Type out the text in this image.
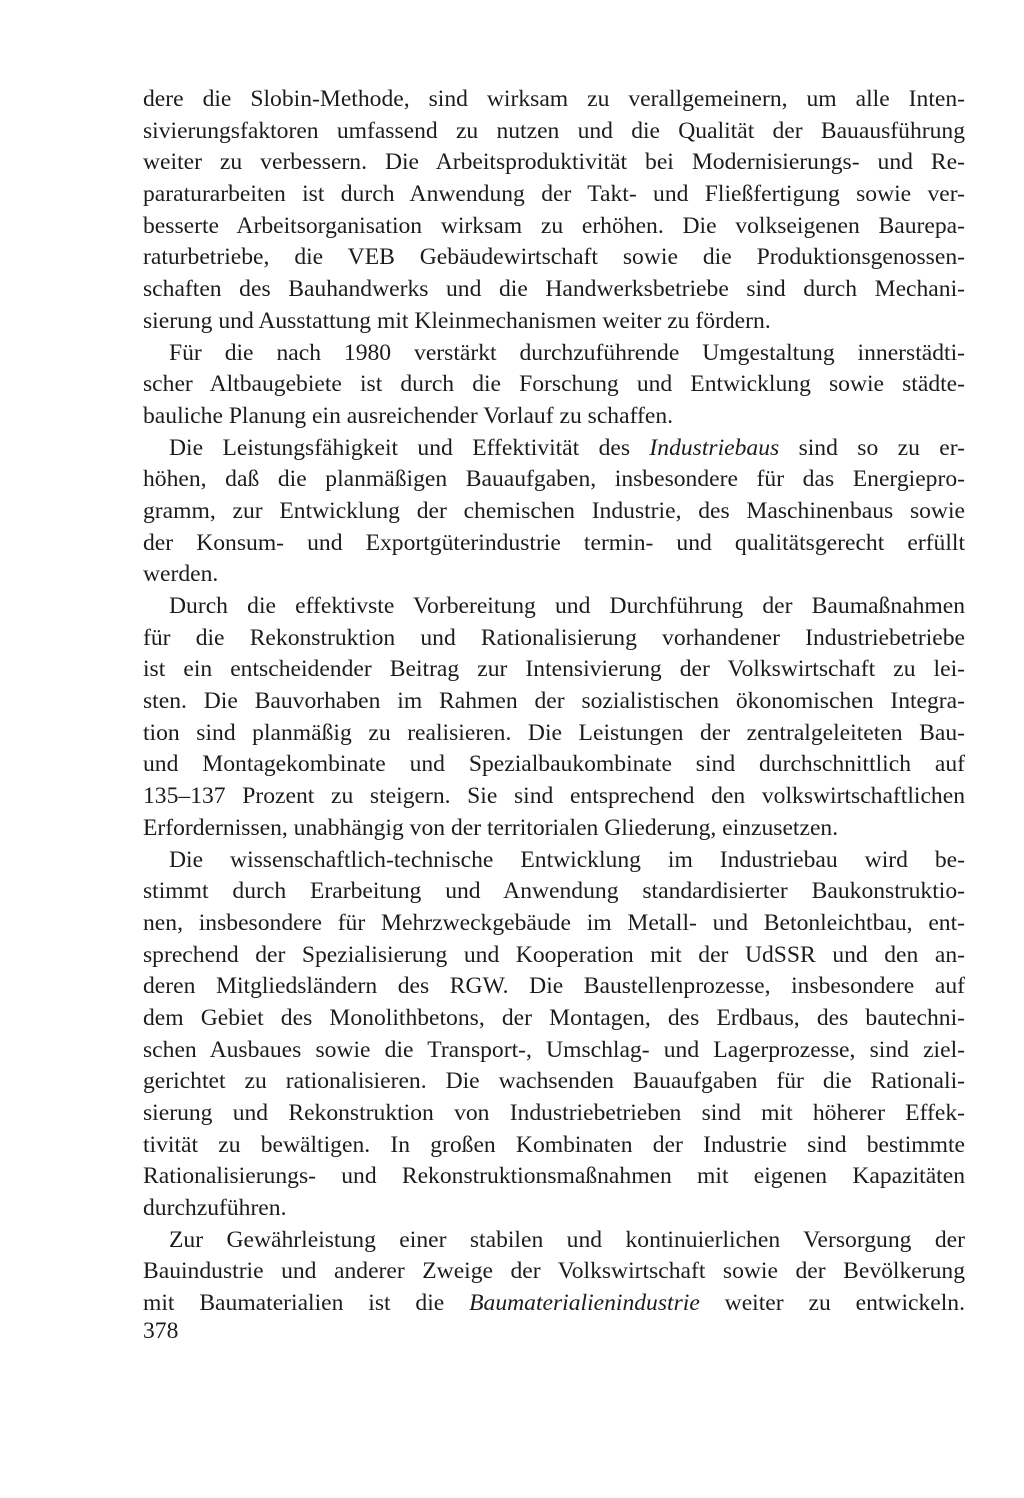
dere die Slobin-Methode, sind wirksam zu verallgemeinern, um alle Inten-
sivierungsfaktoren umfassend zu nutzen und die Qualität der Bauausführung
weiter zu verbessern. Die Arbeitsproduktivität bei Modernisierungs- und Re-
paraturarbeiten ist durch Anwendung der Takt- und Fließfertigung sowie ver-
besserte Arbeitsorganisation wirksam zu erhöhen. Die volkseigenen Baurepa-
raturbetriebe, die VEB Gebäudewirtschaft sowie die Produktionsgenossen-
schaften des Bauhandwerks und die Handwerksbetriebe sind durch Mechani-
sierung und Ausstattung mit Kleinmechanismen weiter zu fördern.
Für die nach 1980 verstärkt durchzuführende Umgestaltung innerstädti-
scher Altbaugebiete ist durch die Forschung und Entwicklung sowie städte-
bauliche Planung ein ausreichender Vorlauf zu schaffen.
Die Leistungsfähigkeit und Effektivität des Industriebaus sind so zu er-
höhen, daß die planmäßigen Bauaufgaben, insbesondere für das Energiepro-
gramm, zur Entwicklung der chemischen Industrie, des Maschinenbaus sowie
der Konsum- und Exportgüterindustrie termin- und qualitätsgerecht erfüllt
werden.
Durch die effektivste Vorbereitung und Durchführung der Baumaßnahmen
für die Rekonstruktion und Rationalisierung vorhandener Industriebetriebe
ist ein entscheidender Beitrag zur Intensivierung der Volkswirtschaft zu lei-
sten. Die Bauvorhaben im Rahmen der sozialistischen ökonomischen Integra-
tion sind planmäßig zu realisieren. Die Leistungen der zentralgeleiteten Bau-
und Montagekombinate und Spezialbaukombinate sind durchschnittlich auf
135–137 Prozent zu steigern. Sie sind entsprechend den volkswirtschaftlichen
Erfordernissen, unabhängig von der territorialen Gliederung, einzusetzen.
Die wissenschaftlich-technische Entwicklung im Industriebau wird be-
stimmt durch Erarbeitung und Anwendung standardisierter Baukonstruktio-
nen, insbesondere für Mehrzweckgebäude im Metall- und Betonleichtbau, ent-
sprechend der Spezialisierung und Kooperation mit der UdSSR und den an-
deren Mitgliedsländern des RGW. Die Baustellenprozesse, insbesondere auf
dem Gebiet des Monolithbetons, der Montagen, des Erdbaus, des bautechni-
schen Ausbaues sowie die Transport-, Umschlag- und Lagerprozesse, sind ziel-
gerichtet zu rationalisieren. Die wachsenden Bauaufgaben für die Rationali-
sierung und Rekonstruktion von Industriebetrieben sind mit höherer Effek-
tivität zu bewältigen. In großen Kombinaten der Industrie sind bestimmte
Rationalisierungs- und Rekonstruktionsmaßnahmen mit eigenen Kapazitäten
durchzuführen.
Zur Gewährleistung einer stabilen und kontinuierlichen Versorgung der
Bauindustrie und anderer Zweige der Volkswirtschaft sowie der Bevölkerung
mit Baumaterialien ist die Baumaterialienindustrie weiter zu entwickeln.
378
